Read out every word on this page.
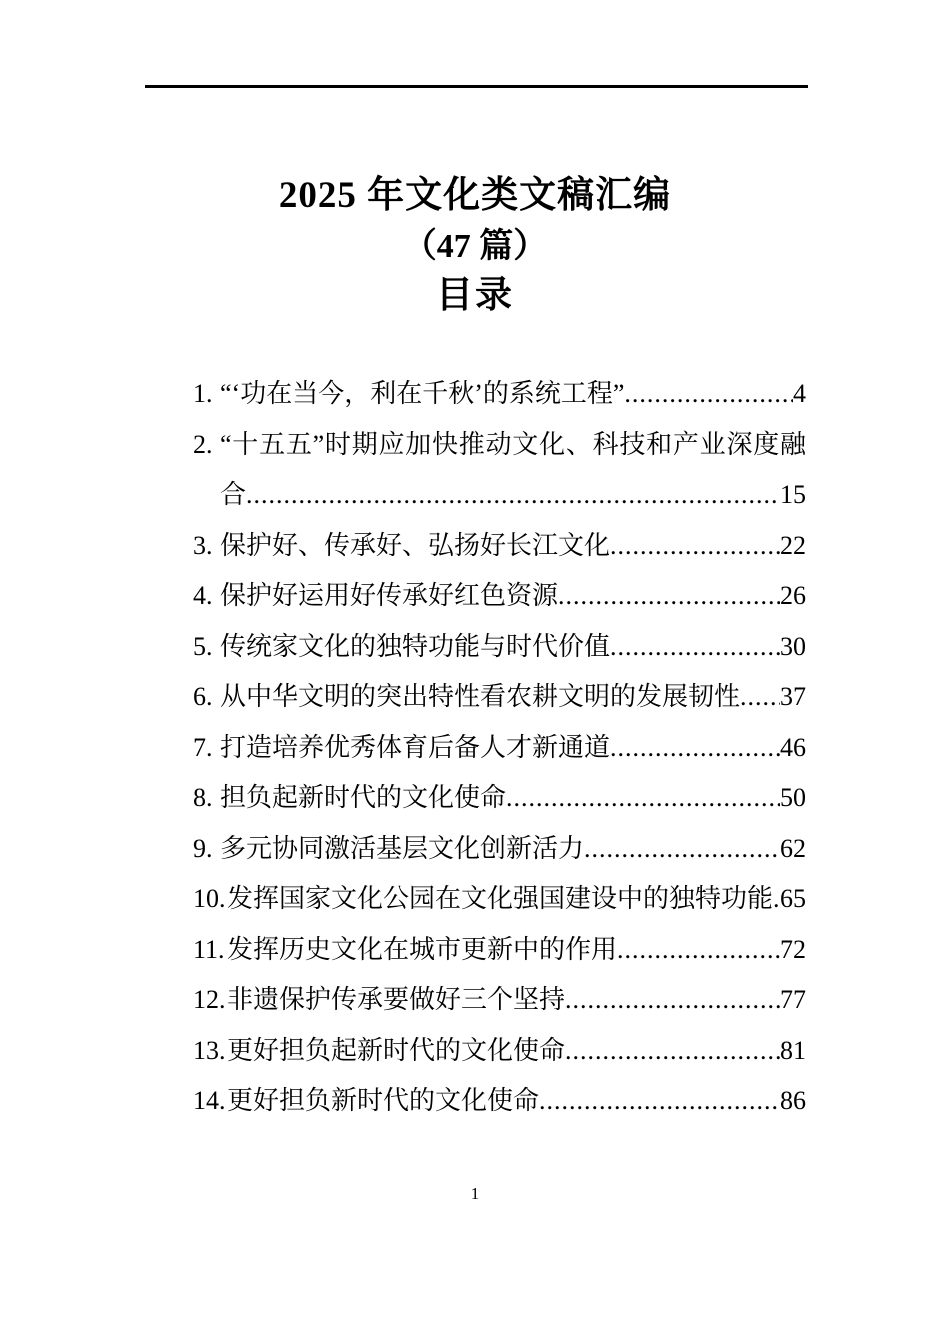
2025 年文化类文稿汇编
（47 篇）
目录
1. “‘功在当今，利在千秋’的系统工程” .....	4
2. “十五五”时期应加快推动文化、科技和产业深度融
合 .....	15
3. 保护好、传承好、弘扬好长江文化 .....	22
4. 保护好运用好传承好红色资源 .....	26
5. 传统家文化的独特功能与时代价值 .....	30
6. 从中华文明的突出特性看农耕文明的发展韧性 ..... 37
7. 打造培养优秀体育后备人才新通道 .....	46
8. 担负起新时代的文化使命 .....	50
9. 多元协同激活基层文化创新活力 .....	62
10. 发挥国家文化公园在文化强国建设中的独特功能 ..... 65
11. 发挥历史文化在城市更新中的作用 .....	72
12. 非遗保护传承要做好三个坚持 .....	77
13. 更好担负起新时代的文化使命 .....	81
14. 更好担负新时代的文化使命 .....	86
1
